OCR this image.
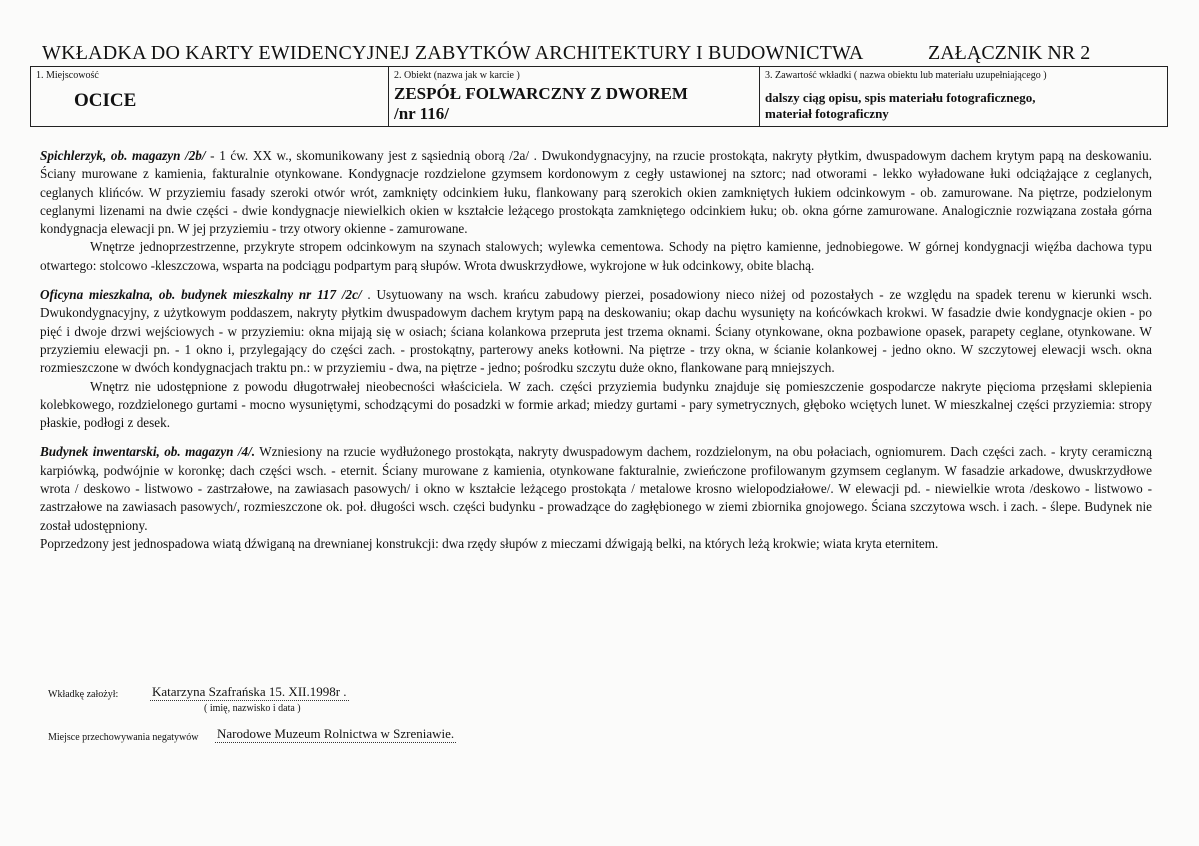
WKŁADKA DO KARTY EWIDENCYJNEJ ZABYTKÓW ARCHITEKTURY I BUDOWNICTWA	ZAŁĄCZNIK NR 2
1. Miejscowość
OCICE
2. Obiekt (nazwa jak w karcie )
ZESPÓŁ FOLWARCZNY Z DWOREM
/nr 116/
3. Zawartość wkładki ( nazwa obiektu lub materiału uzupełniającego )
dalszy ciąg opisu, spis materiału fotograficznego,
materiał fotograficzny

Spichlerzyk, ob. magazyn /2b/ - 1 ćw. XX w., skomunikowany jest z sąsiednią oborą /2a/ . Dwukondygnacyjny, na rzucie prostokąta, nakryty płytkim, dwuspadowym dachem krytym papą na deskowaniu. Ściany murowane z kamienia, fakturalnie otynkowane. Kondygnacje rozdzielone gzymsem kordonowym z cegły ustawionej na sztorc; nad otworami - lekko wyładowane łuki odciążające z ceglanych, ceglanych klińców. W przyziemiu fasady szeroki otwór wrót, zamknięty odcinkiem łuku, flankowany parą szerokich okien zamkniętych łukiem odcinkowym - ob. zamurowane. Na piętrze, podzielonym ceglanymi lizenami na dwie części - dwie kondygnacje niewielkich okien w kształcie leżącego prostokąta zamkniętego odcinkiem łuku; ob. okna górne zamurowane. Analogicznie rozwiązana została górna kondygnacja elewacji pn. W jej przyziemiu - trzy otwory okienne - zamurowane.

Wnętrze jednoprzestrzenne, przykryte stropem odcinkowym na szynach stalowych; wylewka cementowa. Schody na piętro kamienne, jednobiegowe. W górnej kondygnacji więźba dachowa typu otwartego: stolcowo -kleszczowa, wsparta na podciągu podpartym parą słupów. Wrota dwuskrzydłowe, wykrojone w łuk odcinkowy, obite blachą.

Oficyna mieszkalna, ob. budynek mieszkalny nr 117 /2c/ . Usytuowany na wsch. krańcu zabudowy pierzei, posadowiony nieco niżej od pozostałych - ze względu na spadek terenu w kierunki wsch. Dwukondygnacyjny, z użytkowym poddaszem, nakryty płytkim dwuspadowym dachem krytym papą na deskowaniu; okap dachu wysunięty na końcówkach krokwi. W fasadzie dwie kondygnacje okien - po pięć i dwoje drzwi wejściowych - w przyziemiu: okna mijają się w osiach; ściana kolankowa przepruta jest trzema oknami. Ściany otynkowane, okna pozbawione opasek, parapety ceglane, otynkowane. W przyziemiu elewacji pn. - 1 okno i, przylegający do części zach. - prostokątny, parterowy aneks kotłowni. Na piętrze - trzy okna, w ścianie kolankowej - jedno okno. W szczytowej elewacji wsch. okna rozmieszczone w dwóch kondygnacjach traktu pn.: w przyziemiu - dwa, na piętrze - jedno; pośrodku szczytu duże okno, flankowane parą mniejszych.

Wnętrz nie udostępnione z powodu długotrwałej nieobecności właściciela. W zach. części przyziemia budynku znajduje się pomieszczenie gospodarcze nakryte pięcioma przęsłami sklepienia kolebkowego, rozdzielonego gurtami - mocno wysuniętymi, schodzącymi do posadzki w formie arkad; miedzy gurtami - pary symetrycznych, głęboko wciętych lunet. W mieszkalnej części przyziemia: stropy płaskie, podłogi z desek.

Budynek inwentarski, ob. magazyn /4/. Wzniesiony na rzucie wydłużonego prostokąta, nakryty dwuspadowym dachem, rozdzielonym, na obu połaciach, ogniomurem. Dach części zach. - kryty ceramiczną karpiówką, podwójnie w koronkę; dach części wsch. - eternit. Ściany murowane z kamienia, otynkowane fakturalnie, zwieńczone profilowanym gzymsem ceglanym. W fasadzie arkadowe, dwuskrzydłowe wrota / deskowo - listwowo - zastrzałowe, na zawiasach pasowych/ i okno w kształcie leżącego prostokąta / metalowe krosno wielopodziałowe/. W elewacji pd. - niewielkie wrota /deskowo - listwowo - zastrzałowe na zawiasach pasowych/, rozmieszczone ok. poł. długości wsch. części budynku - prowadzące do zagłębionego w ziemi zbiornika gnojowego. Ściana szczytowa wsch. i zach. - ślepe. Budynek nie został udostępniony.

Poprzedzony jest jednospadowa wiatą dźwiganą na drewnianej konstrukcji: dwa rzędy słupów z mieczami dźwigają belki, na których leżą krokwie; wiata kryta eternitem.

Wkładkę założył:	Katarzyna Szafrańska 15. XII.1998r .
( imię, nazwisko i data )
Miejsce przechowywania negatywów Narodowe Muzeum Rolnictwa w Szreniawie.
